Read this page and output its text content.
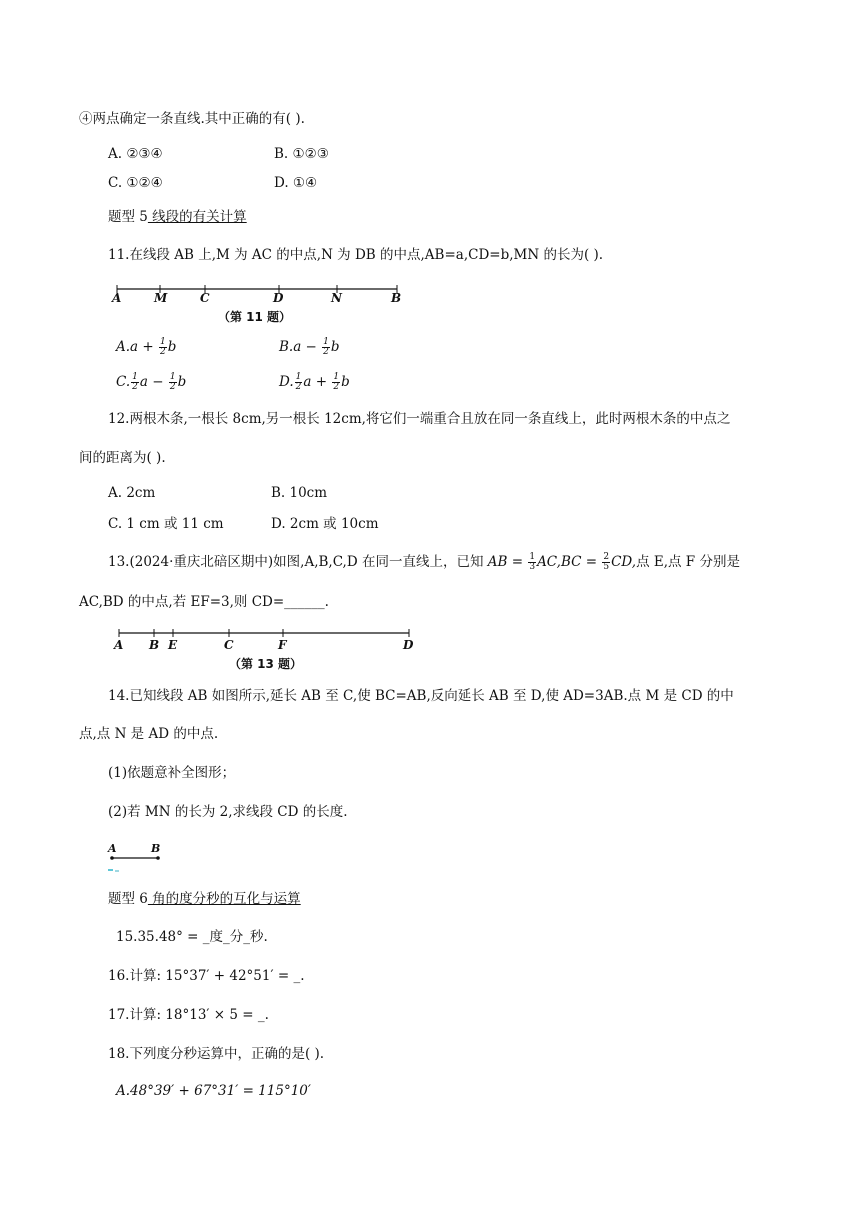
④两点确定一条直线.其中正确的有( ).
A. ②③④	B. ①②③
C. ①②④	D. ①④
题型 5 线段的有关计算
11.在线段 AB 上,M 为 AC 的中点,N 为 DB 的中点,AB=a,CD=b,MN 的长为( ).
A	M	C	D	N	B
（第 11 题）
$A.a + \frac{1}{2}$ b	$B.a - \frac{1}{2}$ b
C. $\frac{1}{2}$ $a - \frac{1}{2}$ b	D. $\frac{1}{2}$ $a + \frac{1}{2}$ b
12.两根木条,一根长 8cm,另一根长 12cm,将它们一端重合且放在同一条直线上，此时两根木条的中点之
间的距离为( ).
A. 2cm	B. 10cm
C. 1 cm 或 11 cm	D. 2cm 或 10cm
13.(2024·重庆北碚区期中)如图,A,B,C,D 在同一直线上，已知 AB = $\frac{1}{3} AC,BC = \frac{2}{5}$ CD,点 E,点 F 分别是
AC,BD 的中点,若 EF=3,则 CD=______.
A B E	C	F	D
（第 13 题）
14.已知线段 AB 如图所示,延长 AB 至 C,使 BC=AB,反向延长 AB 至 D,使 AD=3AB.点 M 是 CD 的中
点,点 N 是 AD 的中点.
(1)依题意补全图形；
(2)若 MN 的长为 2,求线段 CD 的长度.
A	B
题型 6 角的度分秒的互化与运算
15.35.48° = _度_分_秒.
16.计算: 15°37′ + 42°51′ = _.
17.计算: 18°13′ × 5 = _.
18.下列度分秒运算中，正确的是( ).
A.48°39′ + 67°31′ = 115°10′
